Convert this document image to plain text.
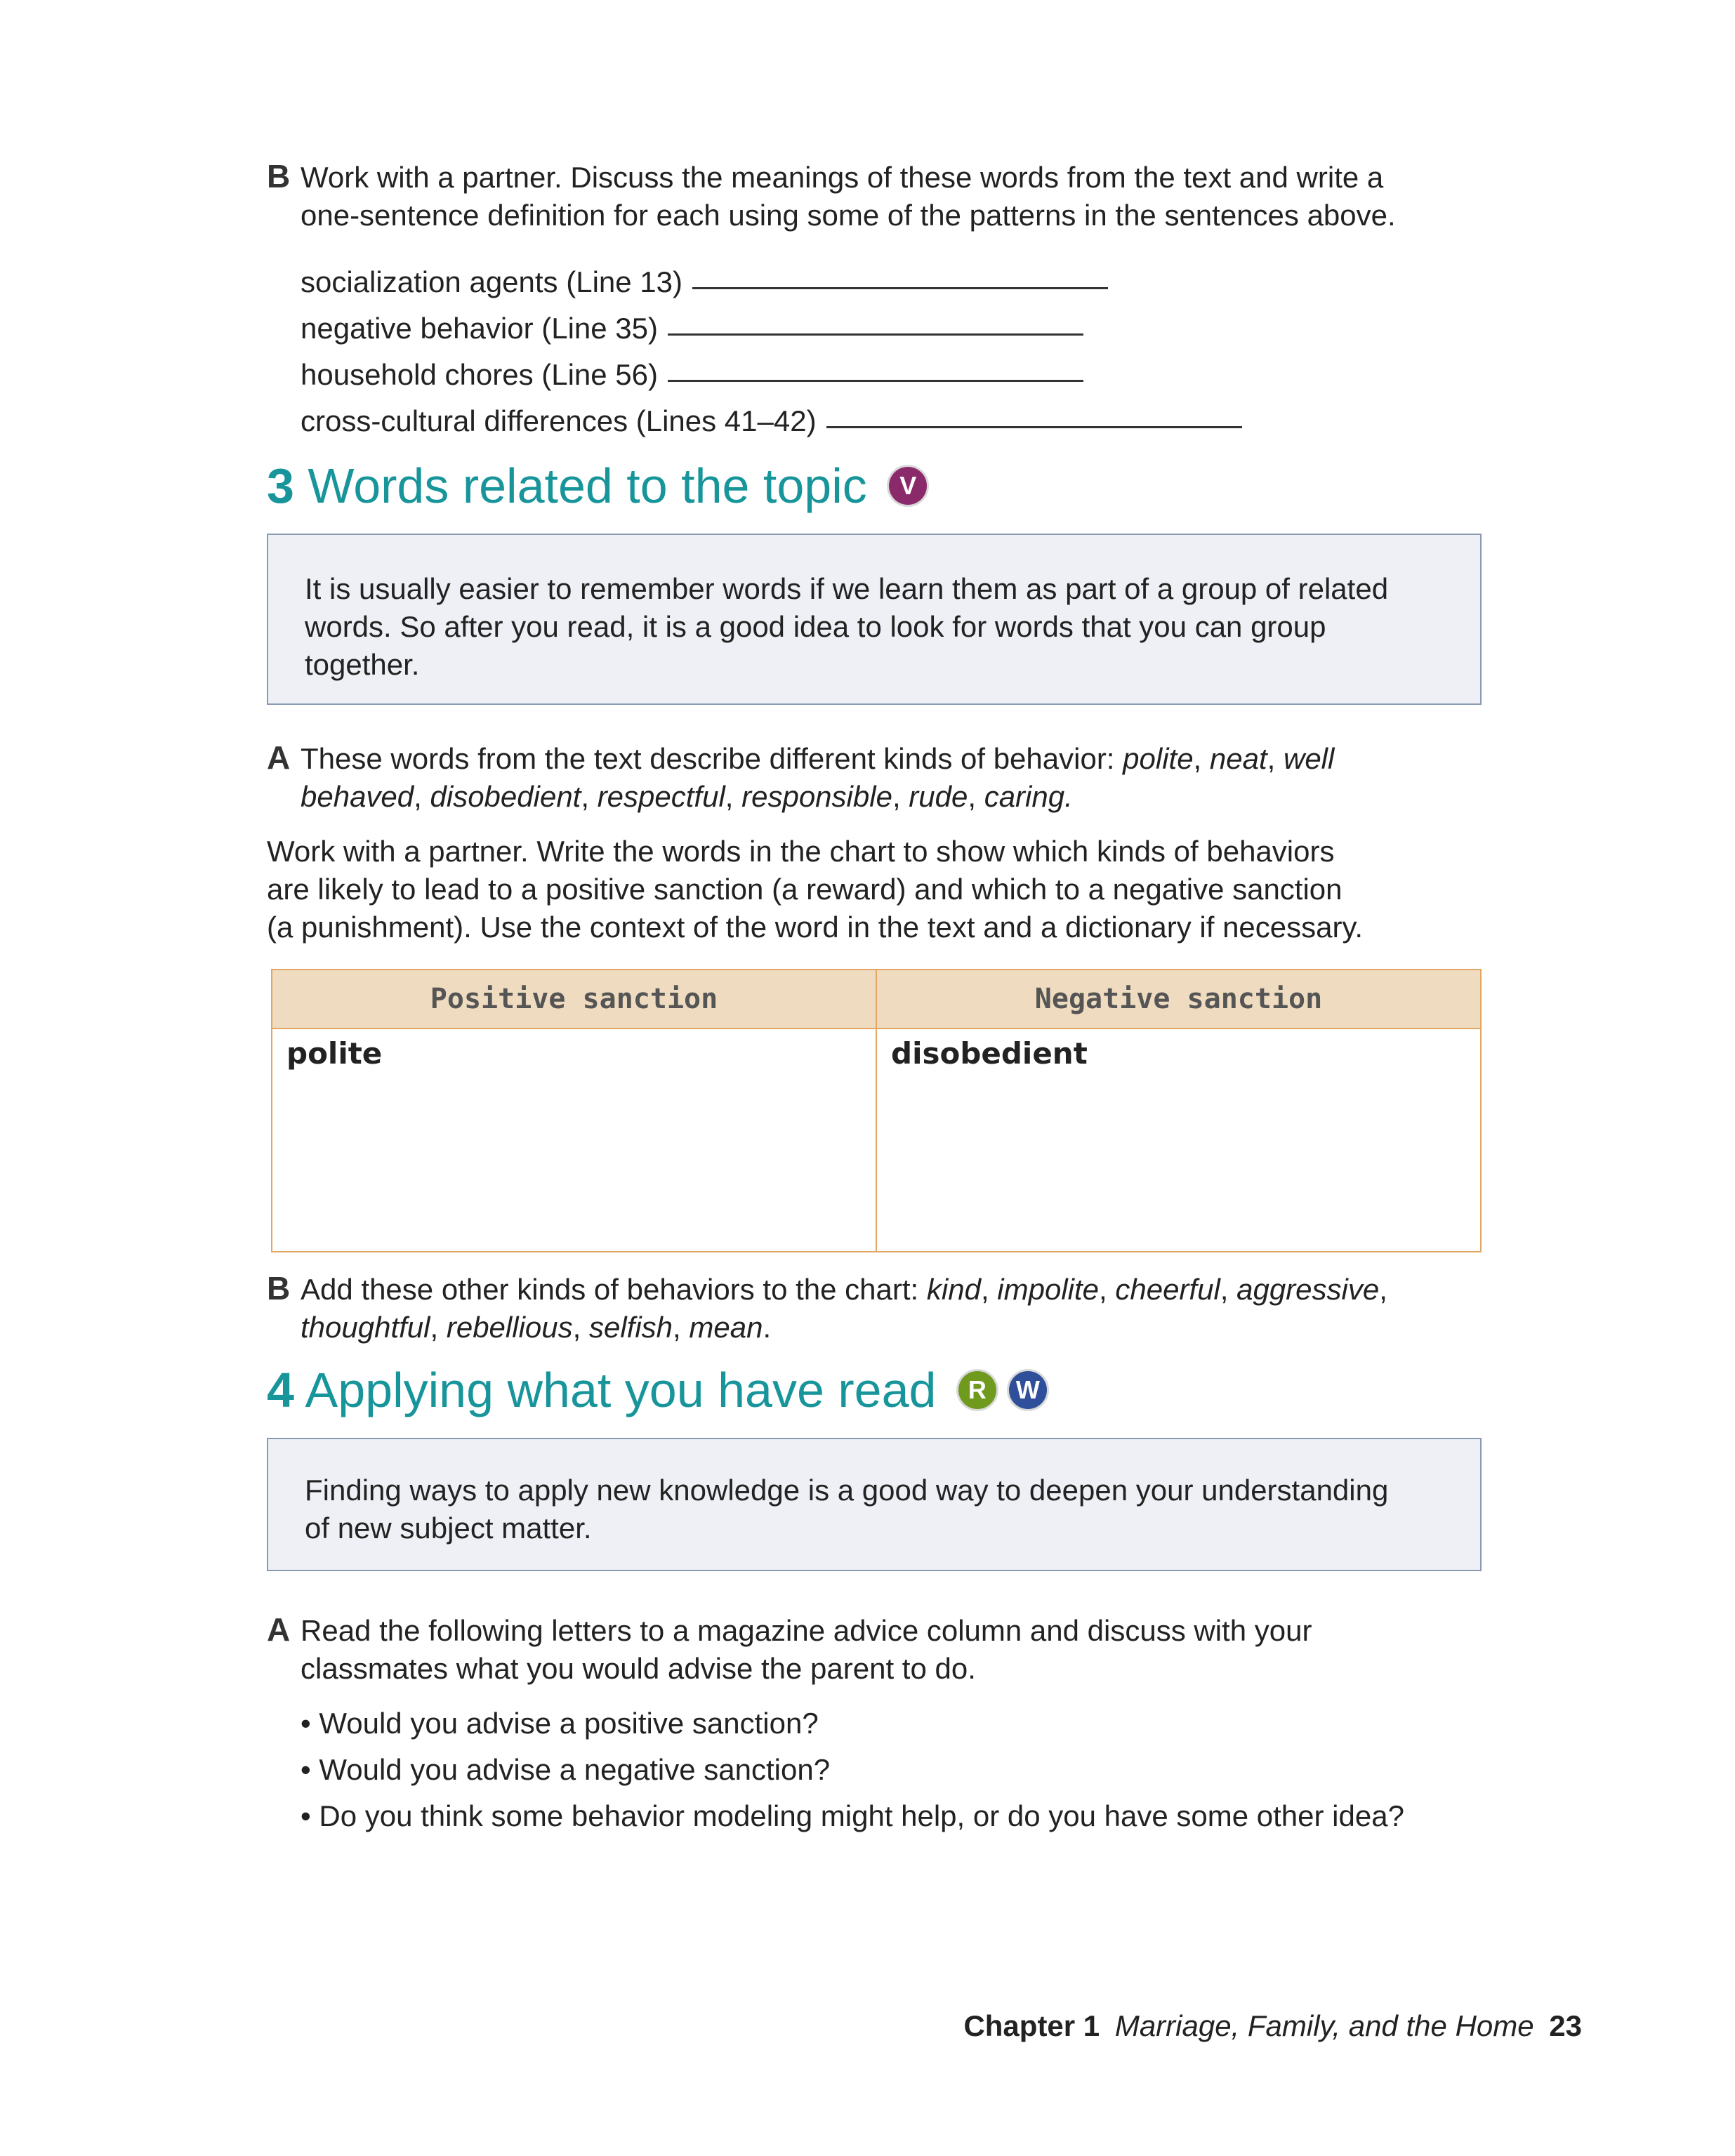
B Work with a partner. Discuss the meanings of these words from the text and write a
one-sentence definition for each using some of the patterns in the sentences above.
socialization agents (Line 13)
negative behavior (Line 35)
household chores (Line 56)
cross-cultural differences (Lines 41–42)
3 Words related to the topic V

It is usually easier to remember words if we learn them as part of a group of related

words. So after you read, it is a good idea to look for words that you can group

together.

A These words from the text describe different kinds of behavior: polite, neat, well
behaved, disobedient, respectful, responsible, rude, caring.
Work with a partner. Write the words in the chart to show which kinds of behaviors
are likely to lead to a positive sanction (a reward) and which to a negative sanction
(a punishment). Use the context of the word in the text and a dictionary if necessary.
Positive sanction	Negative sanction
polite	disobedient
B Add these other kinds of behaviors to the chart: kind, impolite, cheerful, aggressive,
thoughtful, rebellious, selfish, mean.
4 Applying what you have read R W

Finding ways to apply new knowledge is a good way to deepen your understanding

of new subject matter.

A Read the following letters to a magazine advice column and discuss with your
classmates what you would advise the parent to do.
• Would you advise a positive sanction?
• Would you advise a negative sanction?
• Do you think some behavior modeling might help, or do you have some other idea?
Chapter 1 Marriage, Family, and the Home 23
